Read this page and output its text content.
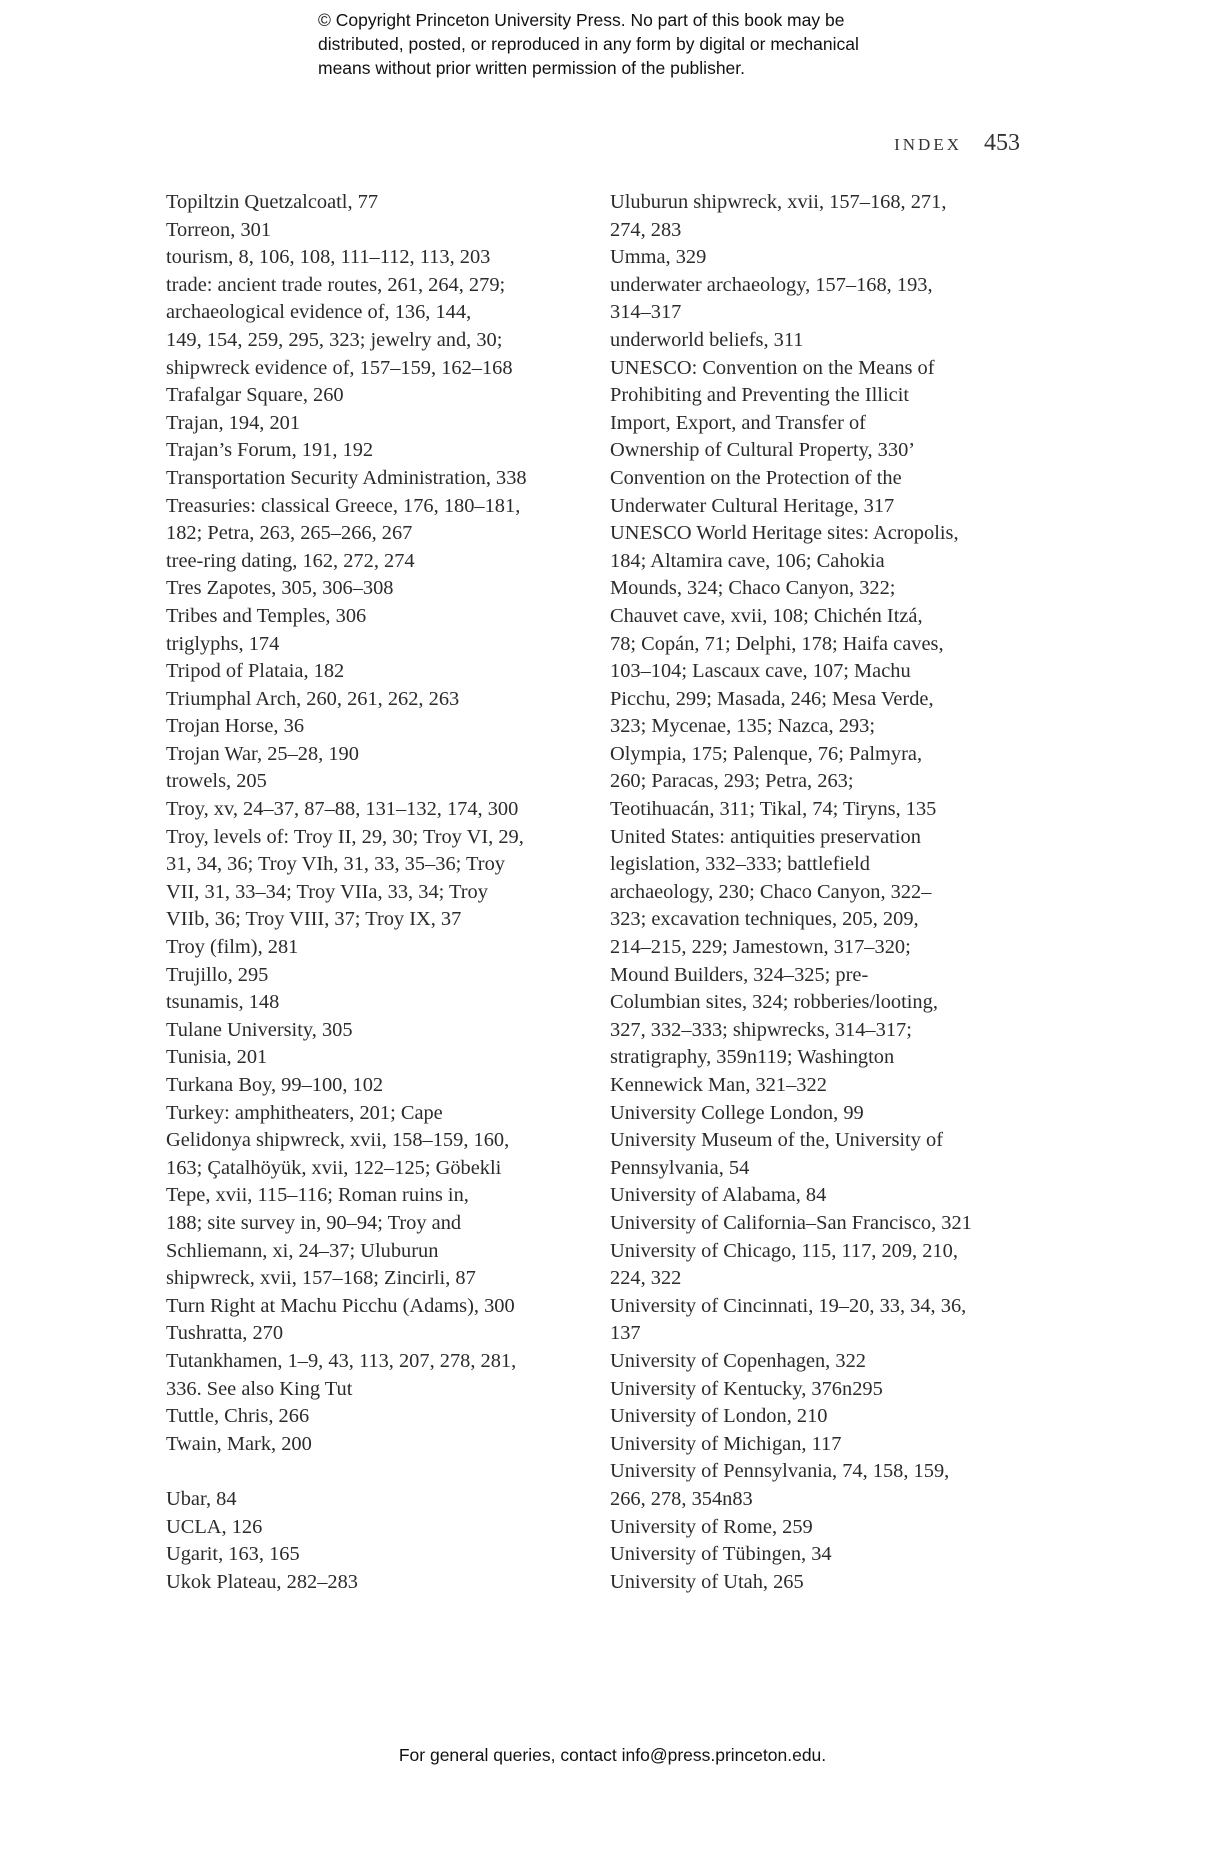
© Copyright Princeton University Press. No part of this book may be
distributed, posted, or reproduced in any form by digital or mechanical
means without prior written permission of the publisher.
INDEX 453
Topiltzin Quetzalcoatl, 77
Torreon, 301
tourism, 8, 106, 108, 111–112, 113, 203
trade: ancient trade routes, 261, 264, 279;
archaeological evidence of, 136, 144,
149, 154, 259, 295, 323; jewelry and, 30;
shipwreck evidence of, 157–159, 162–168
Trafalgar Square, 260
Trajan, 194, 201
Trajan’s Forum, 191, 192
Transportation Security Administration, 338
Treasuries: classical Greece, 176, 180–181,
182; Petra, 263, 265–266, 267
tree-ring dating, 162, 272, 274
Tres Zapotes, 305, 306–308
Tribes and Temples, 306
triglyphs, 174
Tripod of Plataia, 182
Triumphal Arch, 260, 261, 262, 263
Trojan Horse, 36
Trojan War, 25–28, 190
trowels, 205
Troy, xv, 24–37, 87–88, 131–132, 174, 300
Troy, levels of: Troy II, 29, 30; Troy VI, 29,
31, 34, 36; Troy VIh, 31, 33, 35–36; Troy
VII, 31, 33–34; Troy VIIa, 33, 34; Troy
VIIb, 36; Troy VIII, 37; Troy IX, 37
Troy (film), 281
Trujillo, 295
tsunamis, 148
Tulane University, 305
Tunisia, 201
Turkana Boy, 99–100, 102
Turkey: amphitheaters, 201; Cape
Gelidonya shipwreck, xvii, 158–159, 160,
163; Çatalhöyük, xvii, 122–125; Göbekli
Tepe, xvii, 115–116; Roman ruins in,
188; site survey in, 90–94; Troy and
Schliemann, xi, 24–37; Uluburun
shipwreck, xvii, 157–168; Zincirli, 87
Turn Right at Machu Picchu (Adams), 300
Tushratta, 270
Tutankhamen, 1–9, 43, 113, 207, 278, 281,
336. See also King Tut
Tuttle, Chris, 266
Twain, Mark, 200
Ubar, 84
UCLA, 126
Ugarit, 163, 165
Ukok Plateau, 282–283
Uluburun shipwreck, xvii, 157–168, 271,
274, 283
Umma, 329
underwater archaeology, 157–168, 193,
314–317
underworld beliefs, 311
UNESCO: Convention on the Means of
Prohibiting and Preventing the Illicit
Import, Export, and Transfer of
Ownership of Cultural Property, 330’
Convention on the Protection of the
Underwater Cultural Heritage, 317
UNESCO World Heritage sites: Acropolis,
184; Altamira cave, 106; Cahokia
Mounds, 324; Chaco Canyon, 322;
Chauvet cave, xvii, 108; Chichén Itzá,
78; Copán, 71; Delphi, 178; Haifa caves,
103–104; Lascaux cave, 107; Machu
Picchu, 299; Masada, 246; Mesa Verde,
323; Mycenae, 135; Nazca, 293;
Olympia, 175; Palenque, 76; Palmyra,
260; Paracas, 293; Petra, 263;
Teotihuacán, 311; Tikal, 74; Tiryns, 135
United States: antiquities preservation
legislation, 332–333; battlefield
archaeology, 230; Chaco Canyon, 322–
323; excavation techniques, 205, 209,
214–215, 229; Jamestown, 317–320;
Mound Builders, 324–325; pre-
Columbian sites, 324; robberies/looting,
327, 332–333; shipwrecks, 314–317;
stratigraphy, 359n119; Washington
Kennewick Man, 321–322
University College London, 99
University Museum of the, University of
Pennsylvania, 54
University of Alabama, 84
University of California–San Francisco, 321
University of Chicago, 115, 117, 209, 210,
224, 322
University of Cincinnati, 19–20, 33, 34, 36,
137
University of Copenhagen, 322
University of Kentucky, 376n295
University of London, 210
University of Michigan, 117
University of Pennsylvania, 74, 158, 159,
266, 278, 354n83
University of Rome, 259
University of Tübingen, 34
University of Utah, 265
For general queries, contact info@press.princeton.edu.
